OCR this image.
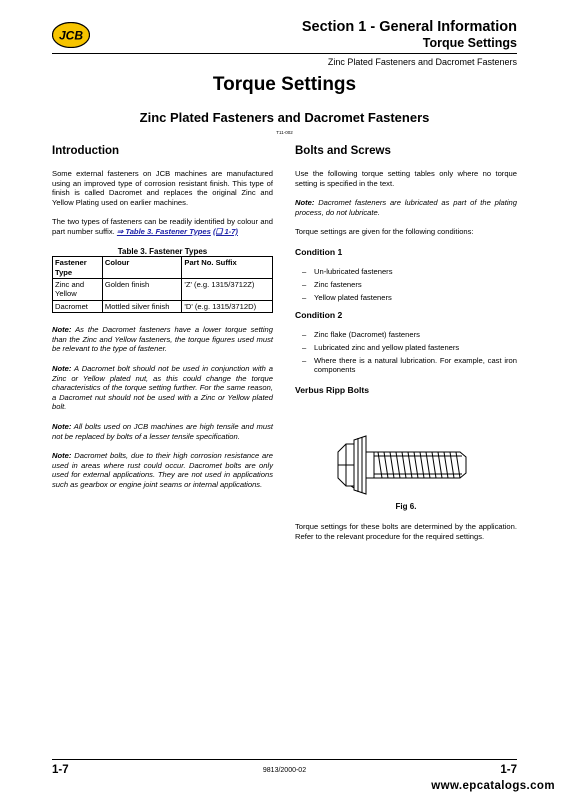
JCB
Section 1 - General Information
Torque Settings
Zinc Plated Fasteners and Dacromet Fasteners
Torque Settings
Zinc Plated Fasteners and Dacromet Fasteners
T11-002
Introduction

Some external fasteners on JCB machines are manufactured using an improved type of corrosion resistant finish. This type of finish is called Dacromet and replaces the original Zinc and Yellow Plating used on earlier machines.

The two types of fasteners can be readily identified by colour and part number suffix. ⇒ Table 3. Fastener Types (❑ 1-7)

Table 3. Fastener Types
Fastener Type	Colour	Part No. Suffix
Zinc and Yellow	Golden finish	'Z' (e.g. 1315/3712Z)
Dacromet	Mottled silver finish	'D' (e.g. 1315/3712D)

Note: As the Dacromet fasteners have a lower torque setting than the Zinc and Yellow fasteners, the torque figures used must be relevant to the type of fastener.

Note: A Dacromet bolt should not be used in conjunction with a Zinc or Yellow plated nut, as this could change the torque characteristics of the torque setting further. For the same reason, a Dacromet nut should not be used with a Zinc or Yellow plated bolt.

Note: All bolts used on JCB machines are high tensile and must not be replaced by bolts of a lesser tensile specification.

Note: Dacromet bolts, due to their high corrosion resistance are used in areas where rust could occur. Dacromet bolts are only used for external applications. They are not used in applications such as gearbox or engine joint seams or internal applications.

Bolts and Screws

Use the following torque setting tables only where no torque setting is specified in the text.

Note: Dacromet fasteners are lubricated as part of the plating process, do not lubricate.

Torque settings are given for the following conditions:

Condition 1
– Un-lubricated fasteners
– Zinc fasteners
– Yellow plated fasteners
Condition 2
– Zinc flake (Dacromet) fasteners
– Lubricated zinc and yellow plated fasteners
– Where there is a natural lubrication. For example, cast iron components
Verbus Ripp Bolts
Fig 6.

Torque settings for these bolts are determined by the application. Refer to the relevant procedure for the required settings.

1-7	9813/2000-02	1-7
www.epcatalogs.com
